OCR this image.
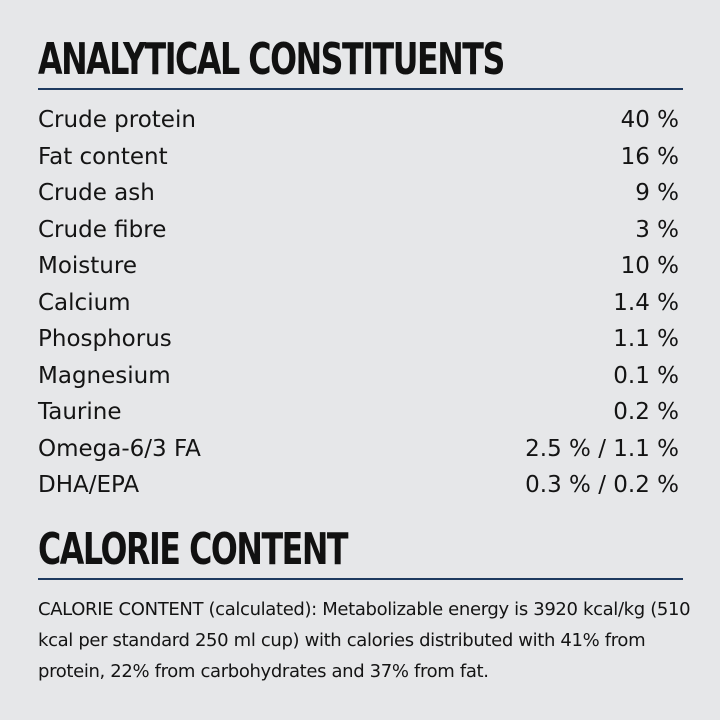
ANALYTICAL CONSTITUENTS
Crude protein	40 %
Fat content	16 %
Crude ash	9 %
Crude fibre	3 %
Moisture	10 %
Calcium	1.4 %
Phosphorus	1.1 %
Magnesium	0.1 %
Taurine	0.2 %
Omega-6/3 FA	2.5 % / 1.1 %
DHA/EPA	0.3 % / 0.2 %
CALORIE CONTENT

CALORIE CONTENT (calculated): Metabolizable energy is 3920 kcal/kg (510 kcal per standard 250 ml cup) with calories distributed with 41% from protein, 22% from carbohydrates and 37% from fat.
